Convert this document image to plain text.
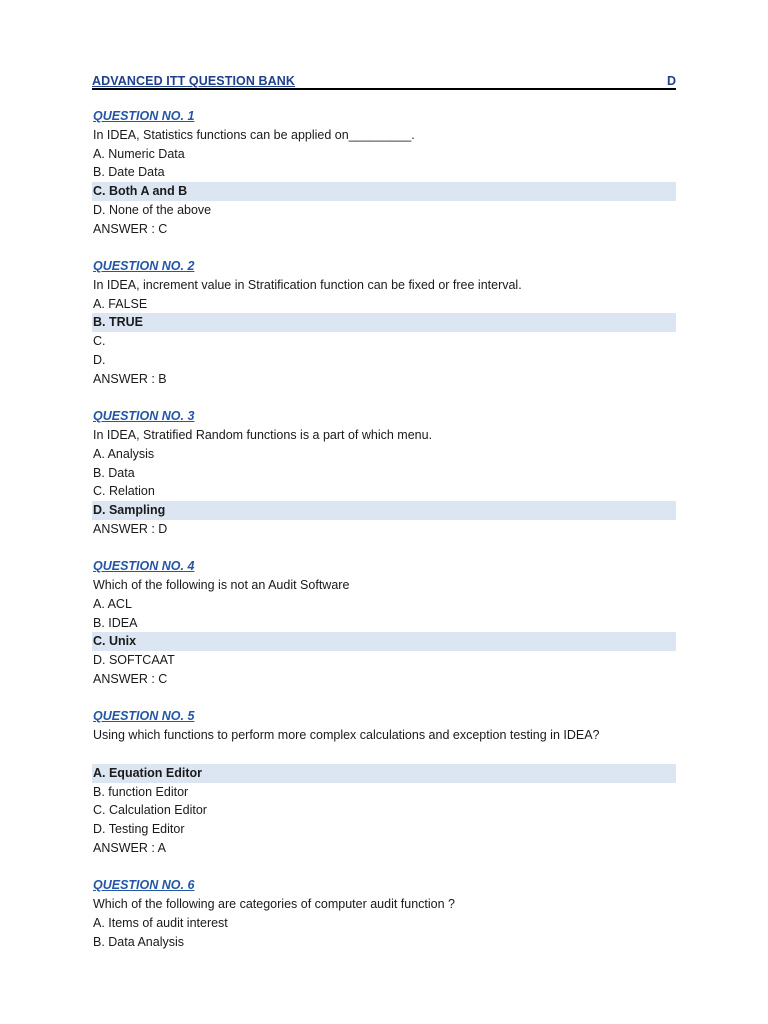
ADVANCED ITT QUESTION BANK	D
QUESTION NO. 1
In IDEA, Statistics functions can be applied on_________.
A. Numeric Data
B. Date Data
C. Both A and B
D. None of the above
ANSWER : C
QUESTION NO. 2
In IDEA, increment value in Stratification function can be fixed or free interval.
A. FALSE
B. TRUE
C.
D.
ANSWER : B
QUESTION NO. 3
In IDEA, Stratified Random functions is a part of which menu.
A. Analysis
B. Data
C. Relation
D. Sampling
ANSWER : D
QUESTION NO. 4
Which of the following is not an Audit Software
A. ACL
B. IDEA
C. Unix
D. SOFTCAAT
ANSWER : C
QUESTION NO. 5
Using which functions to perform more complex calculations and exception testing in IDEA?
A. Equation Editor
B. function Editor
C. Calculation Editor
D. Testing Editor
ANSWER : A
QUESTION NO. 6
Which of the following are categories of computer audit function ?
A. Items of audit interest
B. Data Analysis
